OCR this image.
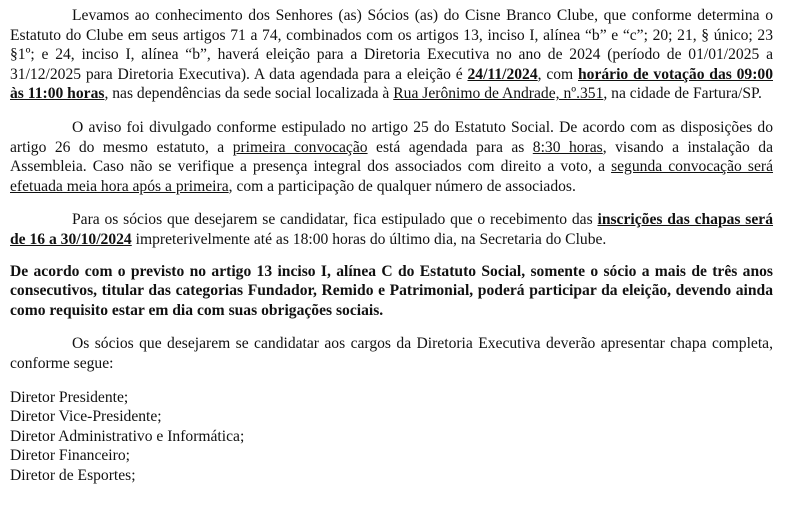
Levamos ao conhecimento dos Senhores (as) Sócios (as) do Cisne Branco Clube, que conforme determina o Estatuto do Clube em seus artigos 71 a 74, combinados com os artigos 13, inciso I, alínea “b” e “c”; 20; 21, § único; 23 §1º; e 24, inciso I, alínea “b”, haverá eleição para a Diretoria Executiva no ano de 2024 (período de 01/01/2025 a 31/12/2025 para Diretoria Executiva). A data agendada para a eleição é 24/11/2024, com horário de votação das 09:00 às 11:00 horas, nas dependências da sede social localizada à Rua Jerônimo de Andrade, nº.351, na cidade de Fartura/SP.

O aviso foi divulgado conforme estipulado no artigo 25 do Estatuto Social. De acordo com as disposições do artigo 26 do mesmo estatuto, a primeira convocação está agendada para as 8:30 horas, visando a instalação da Assembleia. Caso não se verifique a presença integral dos associados com direito a voto, a segunda convocação será efetuada meia hora após a primeira, com a participação de qualquer número de associados.

Para os sócios que desejarem se candidatar, fica estipulado que o recebimento das inscrições das chapas será de 16 a 30/10/2024 impreterivelmente até as 18:00 horas do último dia, na Secretaria do Clube.

De acordo com o previsto no artigo 13 inciso I, alínea C do Estatuto Social, somente o sócio a mais de três anos consecutivos, titular das categorias Fundador, Remido e Patrimonial, poderá participar da eleição, devendo ainda como requisito estar em dia com suas obrigações sociais.

Os sócios que desejarem se candidatar aos cargos da Diretoria Executiva deverão apresentar chapa completa, conforme segue:

Diretor Presidente;

Diretor Vice-Presidente;

Diretor Administrativo e Informática;

Diretor Financeiro;

Diretor de Esportes;
